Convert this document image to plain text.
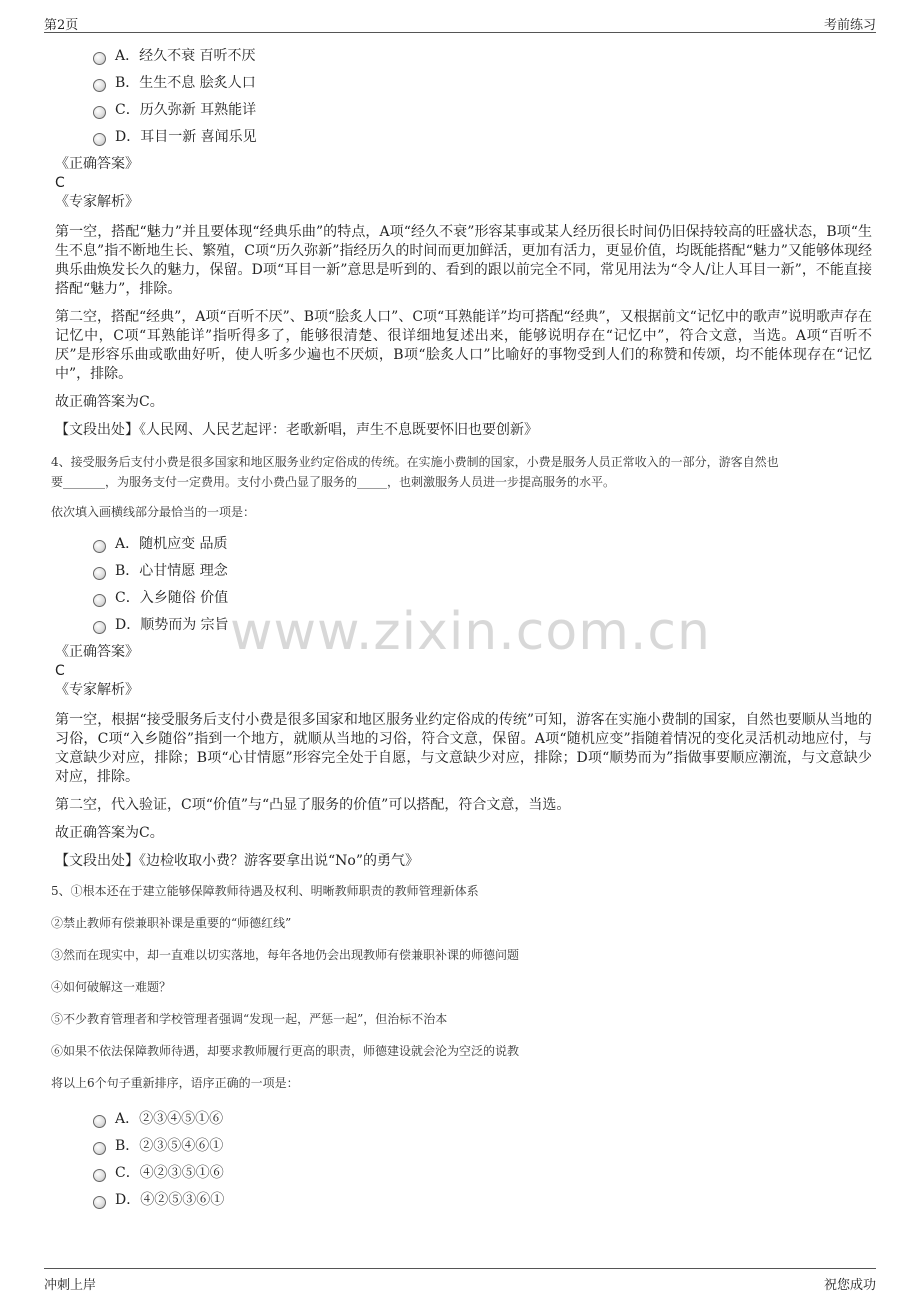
第2页	考前练习
www.zixin.com.cn
A．经久不衰 百听不厌
B．生生不息 脍炙人口
C．历久弥新 耳熟能详
D．耳目一新 喜闻乐见
《正确答案》
C
《专家解析》

第一空，搭配“魅力”并且要体现“经典乐曲”的特点，A项“经久不衰”形容某事或某人经历很长时间仍旧保持较高的旺盛状态，B项“生生不息”指不断地生长、繁殖，C项“历久弥新”指经历久的时间而更加鲜活，更加有活力，更显价值，均既能搭配“魅力”又能够体现经典乐曲焕发长久的魅力，保留。D项“耳目一新”意思是听到的、看到的跟以前完全不同，常见用法为“令人/让人耳目一新”，不能直接搭配“魅力”，排除。

第二空，搭配“经典”，A项“百听不厌”、B项“脍炙人口”、C项“耳熟能详”均可搭配“经典”，又根据前文“记忆中的歌声”说明歌声存在记忆中，C项“耳熟能详”指听得多了，能够很清楚、很详细地复述出来，能够说明存在“记忆中”，符合文意，当选。A项“百听不厌”是形容乐曲或歌曲好听，使人听多少遍也不厌烦，B项“脍炙人口”比喻好的事物受到人们的称赞和传颂，均不能体现存在“记忆中”，排除。

故正确答案为C。

【文段出处】《人民网、人民艺起评：老歌新唱，声生不息既要怀旧也要创新》

4、接受服务后支付小费是很多国家和地区服务业约定俗成的传统。在实施小费制的国家，小费是服务人员正常收入的一部分，游客自然也
要_______，为服务支付一定费用。支付小费凸显了服务的_____，也刺激服务人员进一步提高服务的水平。
依次填入画横线部分最恰当的一项是：
A．随机应变 品质
B．心甘情愿 理念
C．入乡随俗 价值
D．顺势而为 宗旨
《正确答案》
C
《专家解析》

第一空，根据“接受服务后支付小费是很多国家和地区服务业约定俗成的传统”可知，游客在实施小费制的国家，自然也要顺从当地的习俗，C项“入乡随俗”指到一个地方，就顺从当地的习俗，符合文意，保留。A项“随机应变”指随着情况的变化灵活机动地应付，与文意缺少对应，排除；B项“心甘情愿”形容完全处于自愿，与文意缺少对应，排除；D项“顺势而为”指做事要顺应潮流，与文意缺少对应，排除。

第二空，代入验证，C项“价值”与“凸显了服务的价值”可以搭配，符合文意，当选。

故正确答案为C。

【文段出处】《边检收取小费？游客要拿出说“No”的勇气》

5、①根本还在于建立能够保障教师待遇及权利、明晰教师职责的教师管理新体系
②禁止教师有偿兼职补课是重要的“师德红线”
③然而在现实中，却一直难以切实落地，每年各地仍会出现教师有偿兼职补课的师德问题
④如何破解这一难题？
⑤不少教育管理者和学校管理者强调“发现一起，严惩一起”，但治标不治本
⑥如果不依法保障教师待遇，却要求教师履行更高的职责，师德建设就会沦为空泛的说教
将以上6个句子重新排序，语序正确的一项是：
A．②③④⑤①⑥
B．②③⑤④⑥①
C．④②③⑤①⑥
D．④②⑤③⑥①
冲刺上岸	祝您成功
